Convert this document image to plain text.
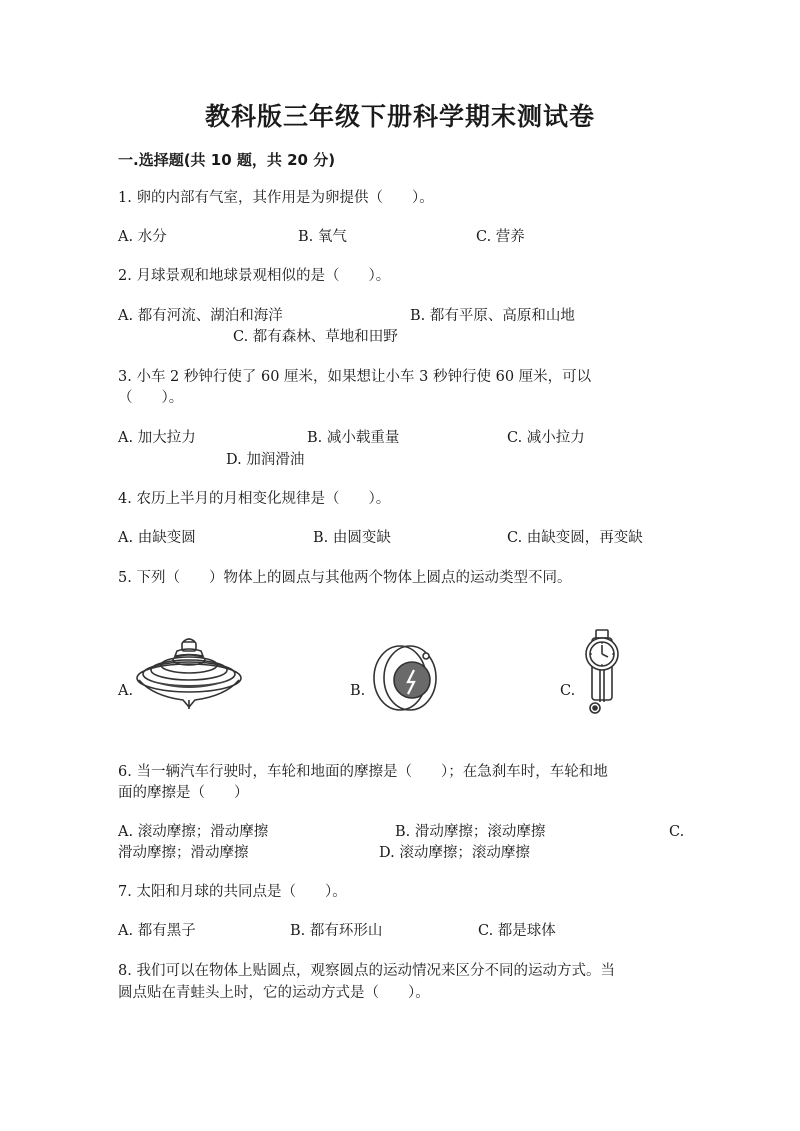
教科版三年级下册科学期末测试卷
一.选择题(共 10 题，共 20 分)
1. 卵的内部有气室，其作用是为卵提供（　　）。
A. 水分	B. 氧气	C. 营养
2. 月球景观和地球景观相似的是（　　）。
A. 都有河流、湖泊和海洋	B. 都有平原、高原和山地
C. 都有森林、草地和田野
3. 小车 2 秒钟行使了 60 厘米，如果想让小车 3 秒钟行使 60 厘米，可以
（　　）。
A. 加大拉力	B. 减小载重量	C. 减小拉力
D. 加润滑油
4. 农历上半月的月相变化规律是（　　）。
A. 由缺变圆	B. 由圆变缺	C. 由缺变圆，再变缺
5. 下列（　　）物体上的圆点与其他两个物体上圆点的运动类型不同。
A.	B.	C.
6. 当一辆汽车行驶时，车轮和地面的摩擦是（　　）；在急刹车时，车轮和地
面的摩擦是（　　）
A. 滚动摩擦；滑动摩擦	B. 滑动摩擦；滚动摩擦	C.
滑动摩擦；滑动摩擦	D. 滚动摩擦；滚动摩擦
7. 太阳和月球的共同点是（　　）。
A. 都有黑子	B. 都有环形山	C. 都是球体
8. 我们可以在物体上贴圆点，观察圆点的运动情况来区分不同的运动方式。当
圆点贴在青蛙头上时，它的运动方式是（　　）。
